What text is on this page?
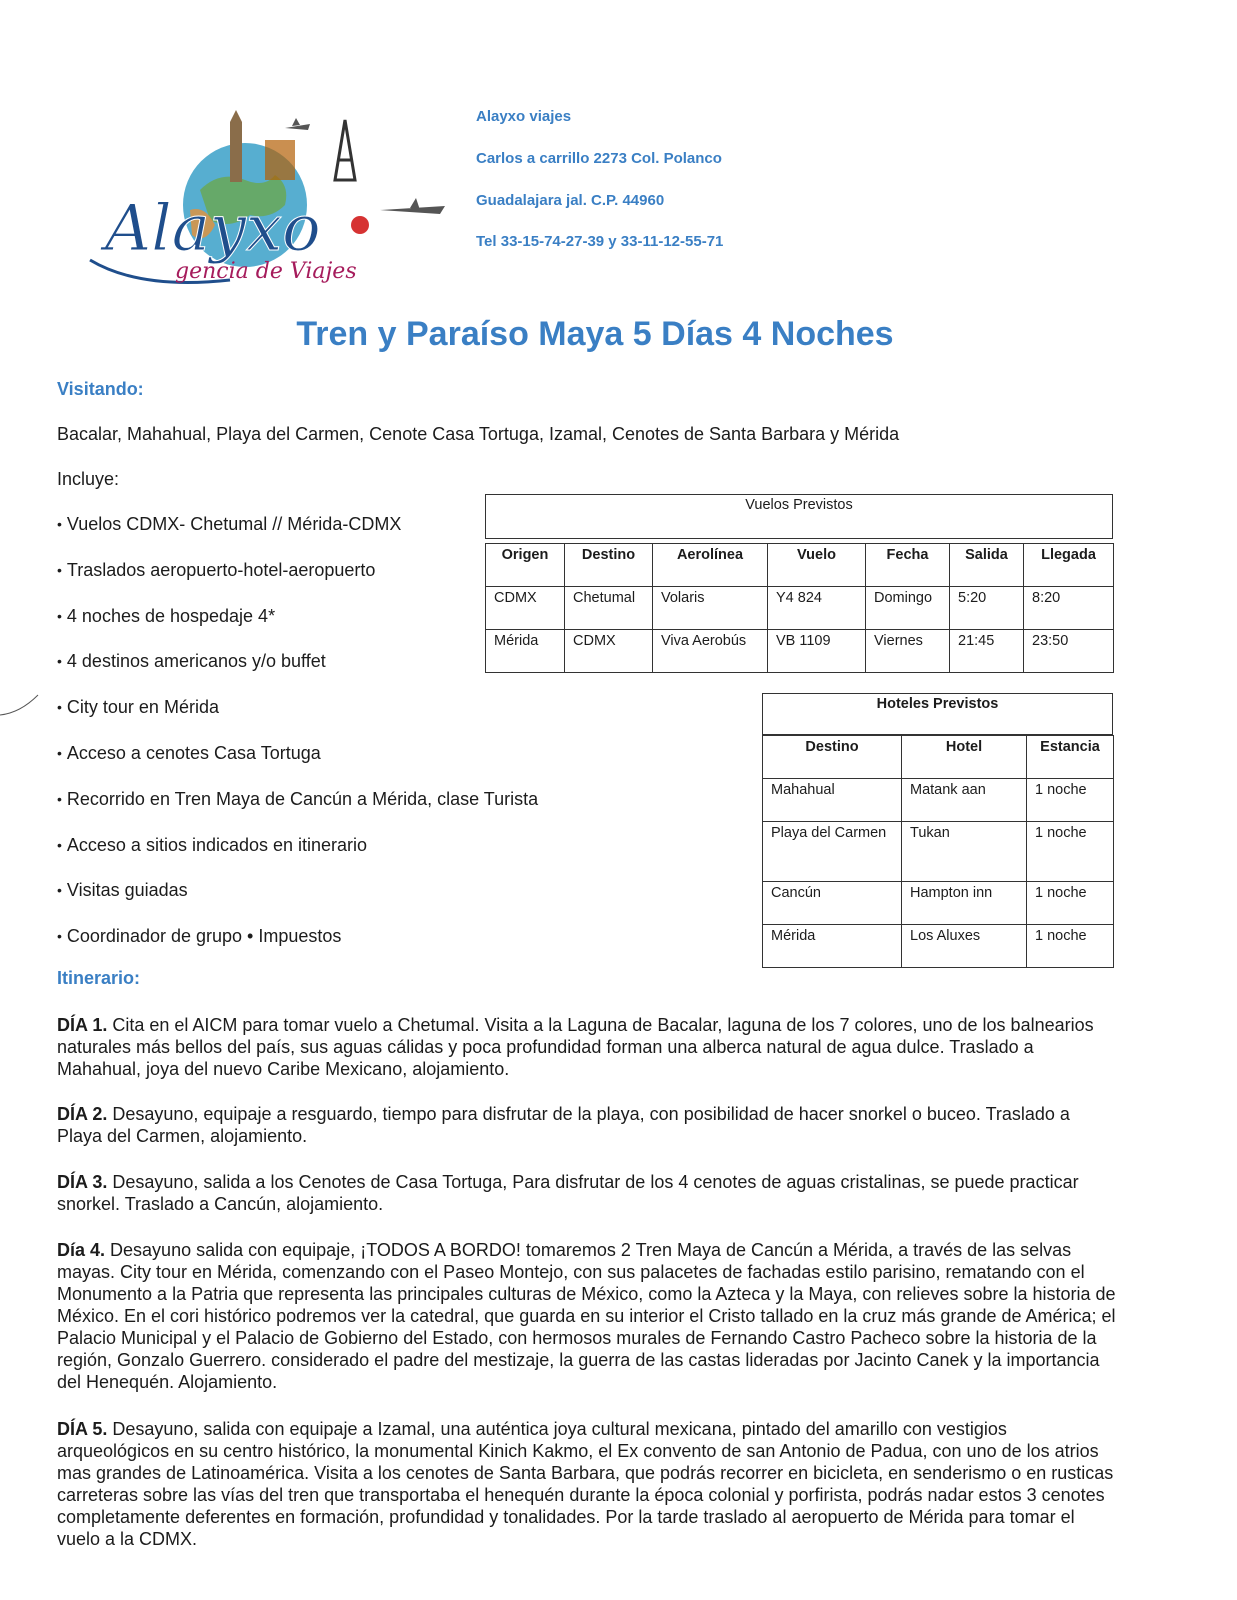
Alayxo
gencia de Viajes
Alayxo viajes
Carlos a carrillo 2273 Col. Polanco
Guadalajara jal. C.P. 44960
Tel 33-15-74-27-39 y 33-11-12-55-71
Tren y Paraíso Maya 5 Días 4 Noches
Visitando:
Bacalar, Mahahual, Playa del Carmen, Cenote Casa Tortuga, Izamal, Cenotes de Santa Barbara y Mérida
Incluye:
• Vuelos CDMX- Chetumal // Mérida-CDMX
• Traslados aeropuerto-hotel-aeropuerto
• 4 noches de hospedaje 4*
• 4 destinos americanos y/o buffet
• City tour en Mérida
• Acceso a cenotes Casa Tortuga
• Recorrido en Tren Maya de Cancún a Mérida, clase Turista
• Acceso a sitios indicados en itinerario
• Visitas guiadas
• Coordinador de grupo • Impuestos
Vuelos Previstos
Origen	Destino	Aerolínea	Vuelo	Fecha	Salida	Llegada
CDMX	Chetumal	Volaris	Y4 824	Domingo	5:20	8:20
Mérida	CDMX	Viva Aerobús	VB 1109	Viernes	21:45	23:50
Hoteles Previstos
Destino	Hotel	Estancia
Mahahual	Matank aan	1 noche
Playa del Carmen	Tukan	1 noche
Cancún	Hampton inn	1 noche
Mérida	Los Aluxes	1 noche
Itinerario:
DÍA 1. Cita en el AICM para tomar vuelo a Chetumal. Visita a la Laguna de Bacalar, laguna de los 7 colores, uno de los balnearios naturales más bellos del país, sus aguas cálidas y poca profundidad forman una alberca natural de agua dulce. Traslado a Mahahual, joya del nuevo Caribe Mexicano, alojamiento.
DÍA 2. Desayuno, equipaje a resguardo, tiempo para disfrutar de la playa, con posibilidad de hacer snorkel o buceo. Traslado a Playa del Carmen, alojamiento.
DÍA 3. Desayuno, salida a los Cenotes de Casa Tortuga, Para disfrutar de los 4 cenotes de aguas cristalinas, se puede practicar snorkel. Traslado a Cancún, alojamiento.
Día 4. Desayuno salida con equipaje, ¡TODOS A BORDO! tomaremos 2 Tren Maya de Cancún a Mérida, a través de las selvas mayas. City tour en Mérida, comenzando con el Paseo Montejo, con sus palacetes de fachadas estilo parisino, rematando con el Monumento a la Patria que representa las principales culturas de México, como la Azteca y la Maya, con relieves sobre la historia de México. En el cori histórico podremos ver la catedral, que guarda en su interior el Cristo tallado en la cruz más grande de América; el Palacio Municipal y el Palacio de Gobierno del Estado, con hermosos murales de Fernando Castro Pacheco sobre la historia de la región, Gonzalo Guerrero. considerado el padre del mestizaje, la guerra de las castas lideradas por Jacinto Canek y la importancia del Henequén. Alojamiento.
DÍA 5. Desayuno, salida con equipaje a Izamal, una auténtica joya cultural mexicana, pintado del amarillo con vestigios arqueológicos en su centro histórico, la monumental Kinich Kakmo, el Ex convento de san Antonio de Padua, con uno de los atrios mas grandes de Latinoamérica. Visita a los cenotes de Santa Barbara, que podrás recorrer en bicicleta, en senderismo o en rusticas carreteras sobre las vías del tren que transportaba el henequén durante la época colonial y porfirista, podrás nadar estos 3 cenotes completamente deferentes en formación, profundidad y tonalidades. Por la tarde traslado al aeropuerto de Mérida para tomar el vuelo a la CDMX.
